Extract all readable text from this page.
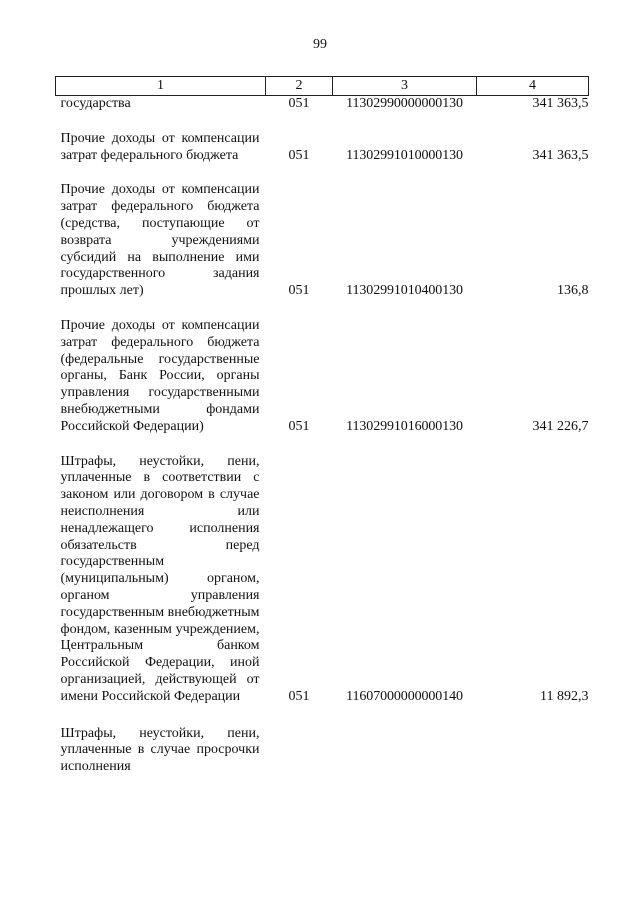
99
1	2	3	4
государства	051	11302990000000130	341 363,5
Прочие доходы от компенсации затрат федерального бюджета	051	11302991010000130	341 363,5
Прочие доходы от компенсации затрат федерального бюджета (средства, поступающие от возврата учреждениями субсидий на выполнение ими государственного задания прошлых лет)	051	11302991010400130	136,8
Прочие доходы от компенсации затрат федерального бюджета (федеральные государственные органы, Банк России, органы управления государственными внебюджетными фондами Российской Федерации)	051	11302991016000130	341 226,7
Штрафы, неустойки, пени, уплаченные в соответствии с законом или договором в случае неисполнения или ненадлежащего исполнения обязательств перед государственным (муниципальным) органом, органом управления государственным внебюджетным фондом, казенным учреждением, Центральным банком Российской Федерации, иной организацией, действующей от имени Российской Федерации	051	11607000000000140	11 892,3
Штрафы, неустойки, пени, уплаченные в случае просрочки исполнения			
